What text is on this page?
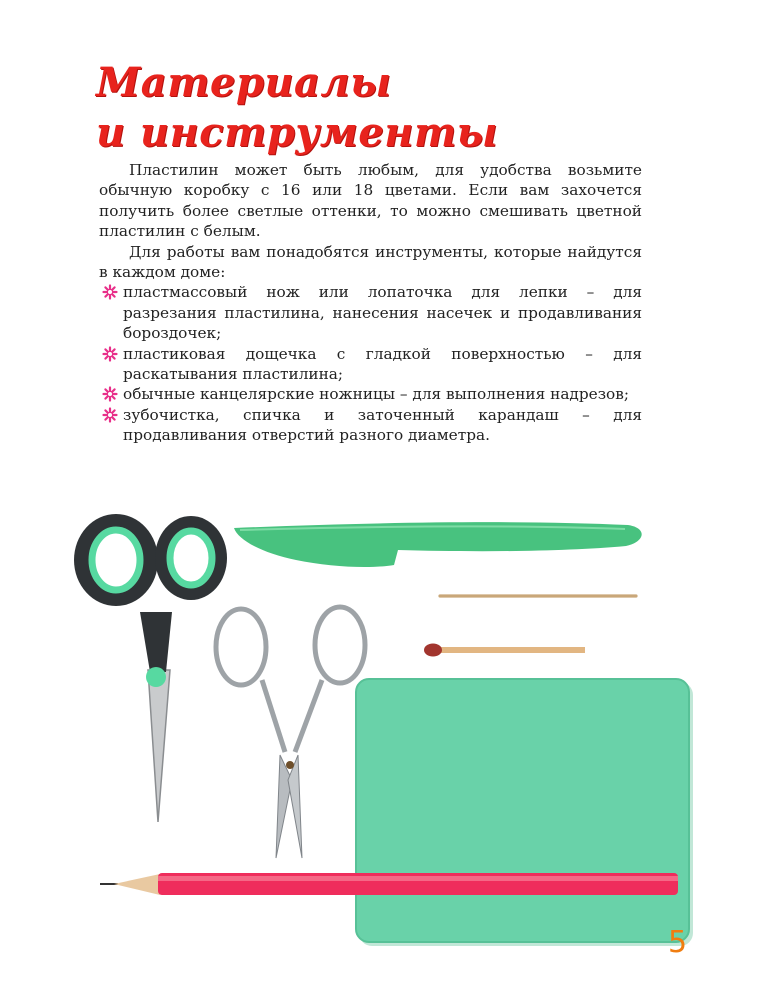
Материалы
и инструменты

Пластилин может быть любым, для удобства возьмите обычную коробку с 16 или 18 цветами. Если вам захочется получить более светлые оттенки, то можно смешивать цветной пластилин с белым.

Для работы вам понадобятся инструменты, которые найдутся в каждом доме:

пластмассовый нож или лопаточка для лепки – для разрезания пластилина, нанесения насечек и продавливания бороздочек;
пластиковая дощечка с гладкой поверхностью – для раскатывания пластилина;
обычные канцелярские ножницы – для выполнения надрезов;
зубочистка, спичка и заточенный карандаш – для продавливания отверстий разного диаметра.
5
